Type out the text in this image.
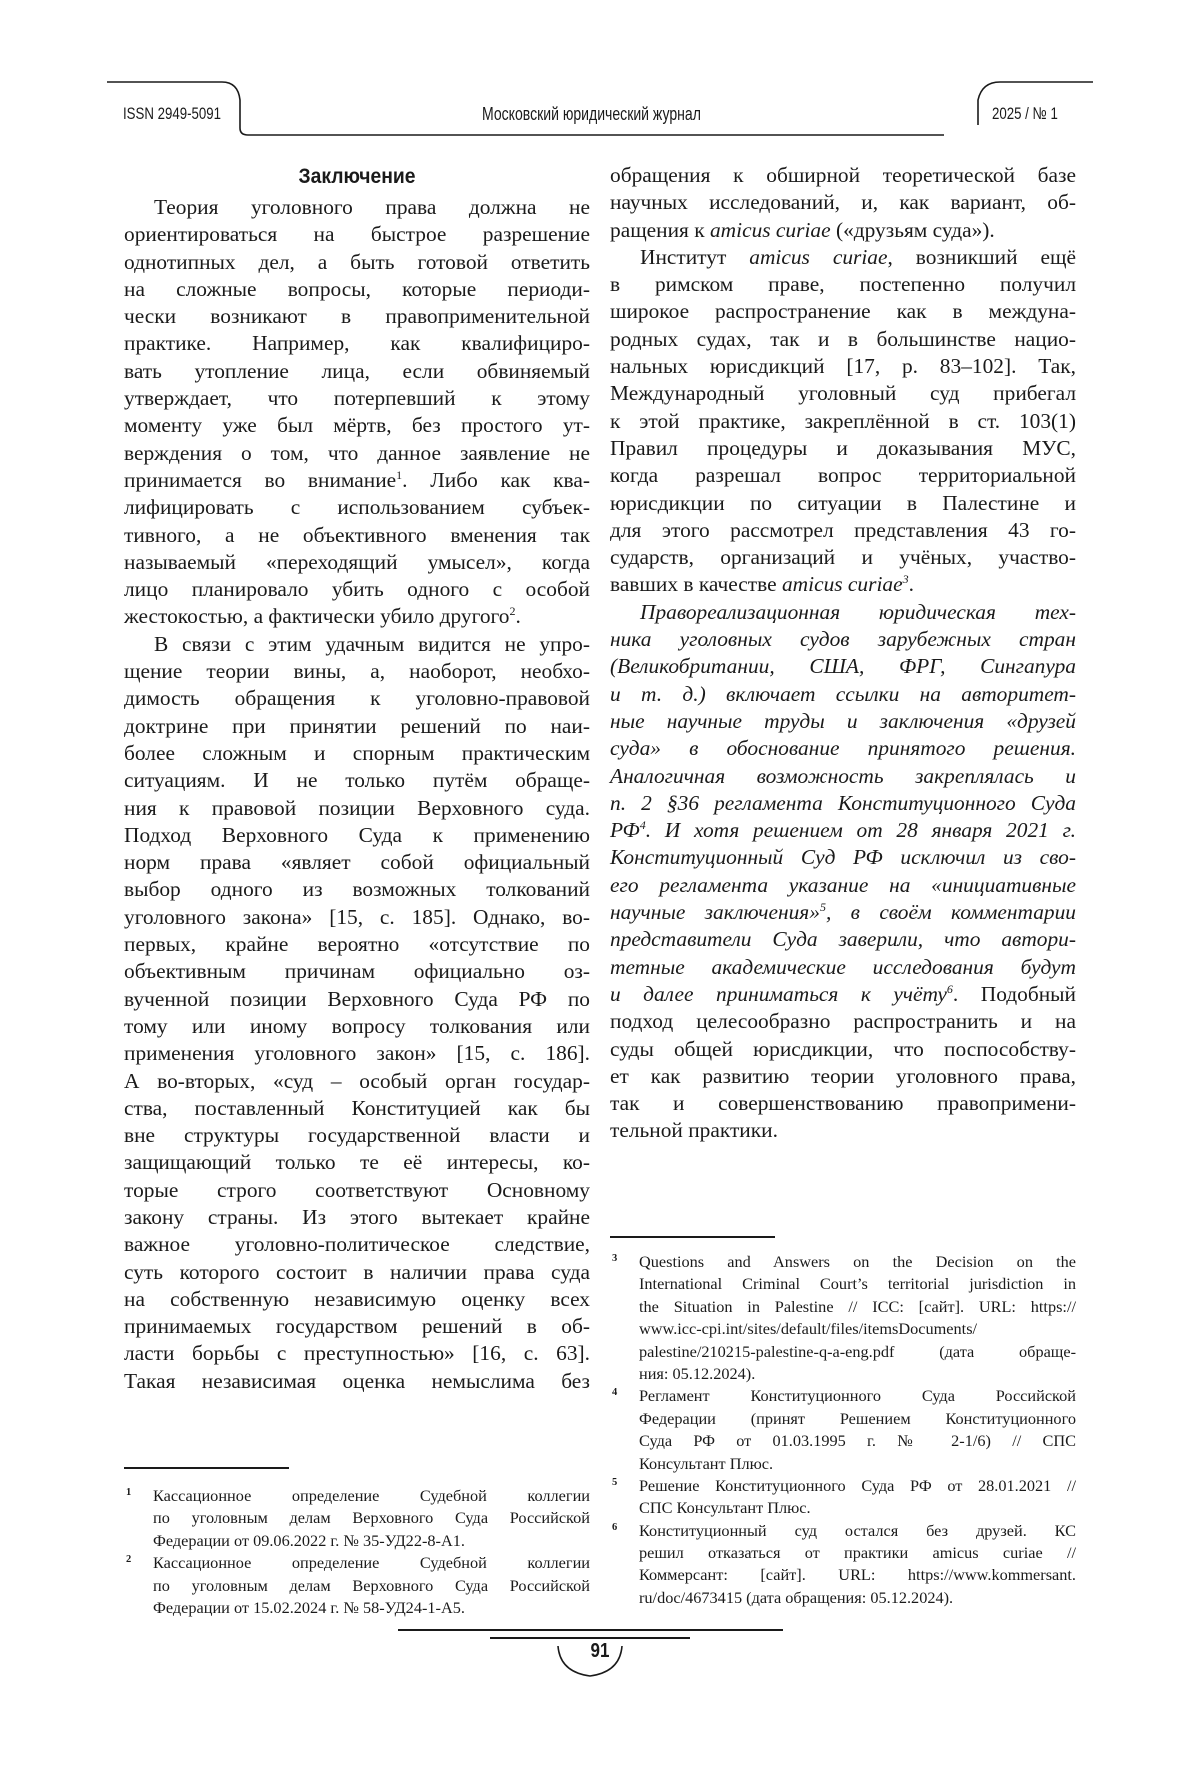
ISSN 2949-5091	Московский юридический журнал	2025 / № 1
Заключение
Теория уголовного права должна не
ориентироваться на быстрое разрешение
однотипных дел, а быть готовой ответить
на сложные вопросы, которые периоди-
чески возникают в правоприменительной
практике. Например, как квалифициро-
вать утопление лица, если обвиняемый
утверждает, что потерпевший к этому
моменту уже был мёртв, без простого ут-
верждения о том, что данное заявление не
принимается во внимание$^1$. Либо как ква-
лифицировать с использованием субъек-
тивного, а не объективного вменения так
называемый «переходящий умысел», когда
лицо планировало убить одного с особой
жестокостью, а фактически убило другого$^2$.
В связи с этим удачным видится не упро-
щение теории вины, а, наоборот, необхо-
димость обращения к уголовно-правовой
доктрине при принятии решений по наи-
более сложным и спорным практическим
ситуациям. И не только путём обраще-
ния к правовой позиции Верховного суда.
Подход Верховного Суда к применению
норм права «являет собой официальный
выбор одного из возможных толкований
уголовного закона» [15, с. 185]. Однако, во-
первых, крайне вероятно «отсутствие по
объективным причинам официально оз-
вученной позиции Верховного Суда РФ по
тому или иному вопросу толкования или
применения уголовного закон» [15, с. 186].
А во-вторых, «суд – особый орган государ-
ства, поставленный Конституцией как бы
вне структуры государственной власти и
защищающий только те её интересы, ко-
торые строго соответствуют Основному
закону страны. Из этого вытекает крайне
важное уголовно-политическое следствие,
суть которого состоит в наличии права суда
на собственную независимую оценку всех
принимаемых государством решений в об-
ласти борьбы с преступностью» [16, с. 63].
Такая независимая оценка немыслима без
обращения к обширной теоретической базе
научных исследований, и, как вариант, об-
ращения к amicus curiae («друзьям суда»).
Институт amicus curiae, возникший ещё
в римском праве, постепенно получил
широкое распространение как в междуна-
родных судах, так и в большинстве нацио-
нальных юрисдикций [17, p. 83–102]. Так,
Международный уголовный суд прибегал
к этой практике, закреплённой в ст. 103(1)
Правил процедуры и доказывания МУС,
когда разрешал вопрос территориальной
юрисдикции по ситуации в Палестине и
для этого рассмотрел представления 43 го-
сударств, организаций и учёных, участво-
вавших в качестве amicus curiae$^3$.
Правореализационная юридическая тех-
ника уголовных судов зарубежных стран
(Великобритании, США, ФРГ, Сингапура
и т. д.) включает ссылки на авторитет-
ные научные труды и заключения «друзей
суда» в обоснование принятого решения.
Аналогичная возможность закреплялась и
п. 2 §36 регламента Конституционного Суда
$РФ^4$. И хотя решением от 28 января 2021 г.
Конституционный Суд РФ исключил из сво-
его регламента указание на «инициативные
научные заключения»$^5$, в своём комментарии
представители Суда заверили, что автори-
тетные академические исследования будут
и далее приниматься к учёту$^6$. Подобный
подход целесообразно распространить и на
суды общей юрисдикции, что поспособству-
ет как развитию теории уголовного права,
так и совершенствованию правопримени-
тельной практики.
1 Кассационное определение Судебной коллегии
по уголовным делам Верховного Суда Российской
Федерации от 09.06.2022 г. № 35-УД22-8-А1.
2 Кассационное определение Судебной коллегии
по уголовным делам Верховного Суда Российской
Федерации от 15.02.2024 г. № 58-УД24-1-А5.
3 Questions and Answers on the Decision on the
International Criminal Court’s territorial jurisdiction in
the Situation in Palestine // ICC: [сайт]. URL: https://
www.icc-cpi.int/sites/default/files/itemsDocuments/
palestine/210215-palestine-q-a-eng.pdf (дата обраще-
ния: 05.12.2024).
4 Регламент Конституционного Суда Российской
Федерации (принят Решением Конституционного
Суда РФ от 01.03.1995 г. № 2-1/6) // СПС
Консультант Плюс.
5 Решение Конституционного Суда РФ от 28.01.2021 //
СПС Консультант Плюс.
6 Конституционный суд остался без друзей. КС
решил отказаться от практики amicus curiae //
Коммерсант: [сайт]. URL: https://www.kommersant.
ru/doc/4673415 (дата обращения: 05.12.2024).
91
